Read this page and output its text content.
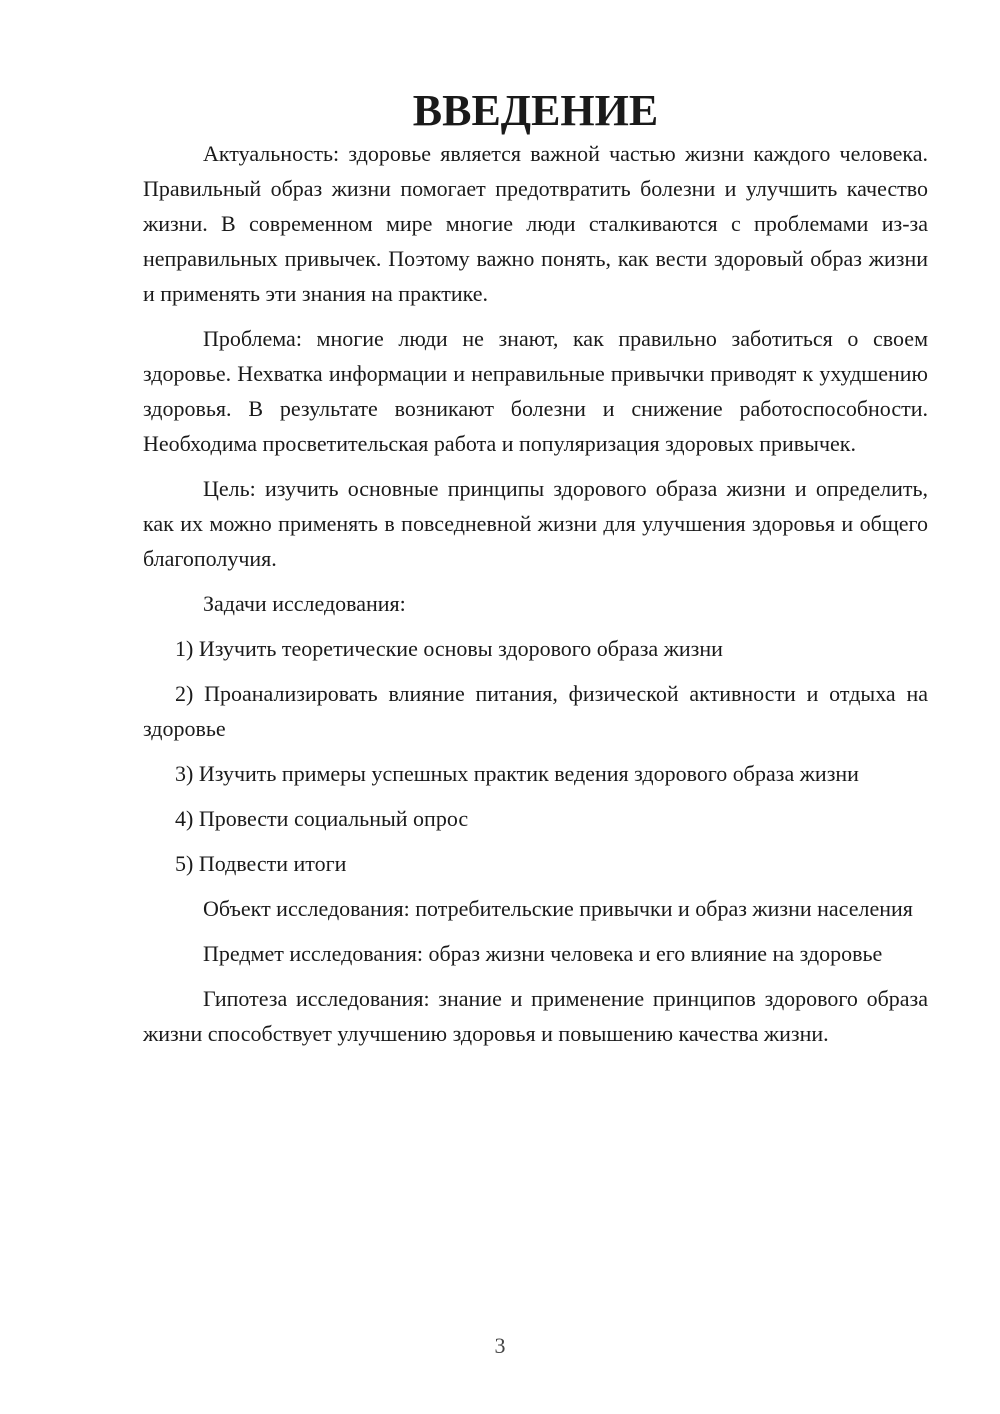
ВВЕДЕНИЕ

Актуальность: здоровье является важной частью жизни каждого человека. Правильный образ жизни помогает предотвратить болезни и улучшить качество жизни. В современном мире многие люди сталкиваются с проблемами из-за неправильных привычек. Поэтому важно понять, как вести здоровый образ жизни и применять эти знания на практике.

Проблема: многие люди не знают, как правильно заботиться о своем здоровье. Нехватка информации и неправильные привычки приводят к ухудшению здоровья. В результате возникают болезни и снижение работоспособности. Необходима просветительская работа и популяризация здоровых привычек.

Цель: изучить основные принципы здорового образа жизни и определить, как их можно применять в повседневной жизни для улучшения здоровья и общего благополучия.

Задачи исследования:

1) Изучить теоретические основы здорового образа жизни

2) Проанализировать влияние питания, физической активности и отдыха на здоровье

3) Изучить примеры успешных практик ведения здорового образа жизни

4) Провести социальный опрос

5) Подвести итоги

Объект исследования: потребительские привычки и образ жизни населения

Предмет исследования: образ жизни человека и его влияние на здоровье

Гипотеза исследования: знание и применение принципов здорового образа жизни способствует улучшению здоровья и повышению качества жизни.

3
